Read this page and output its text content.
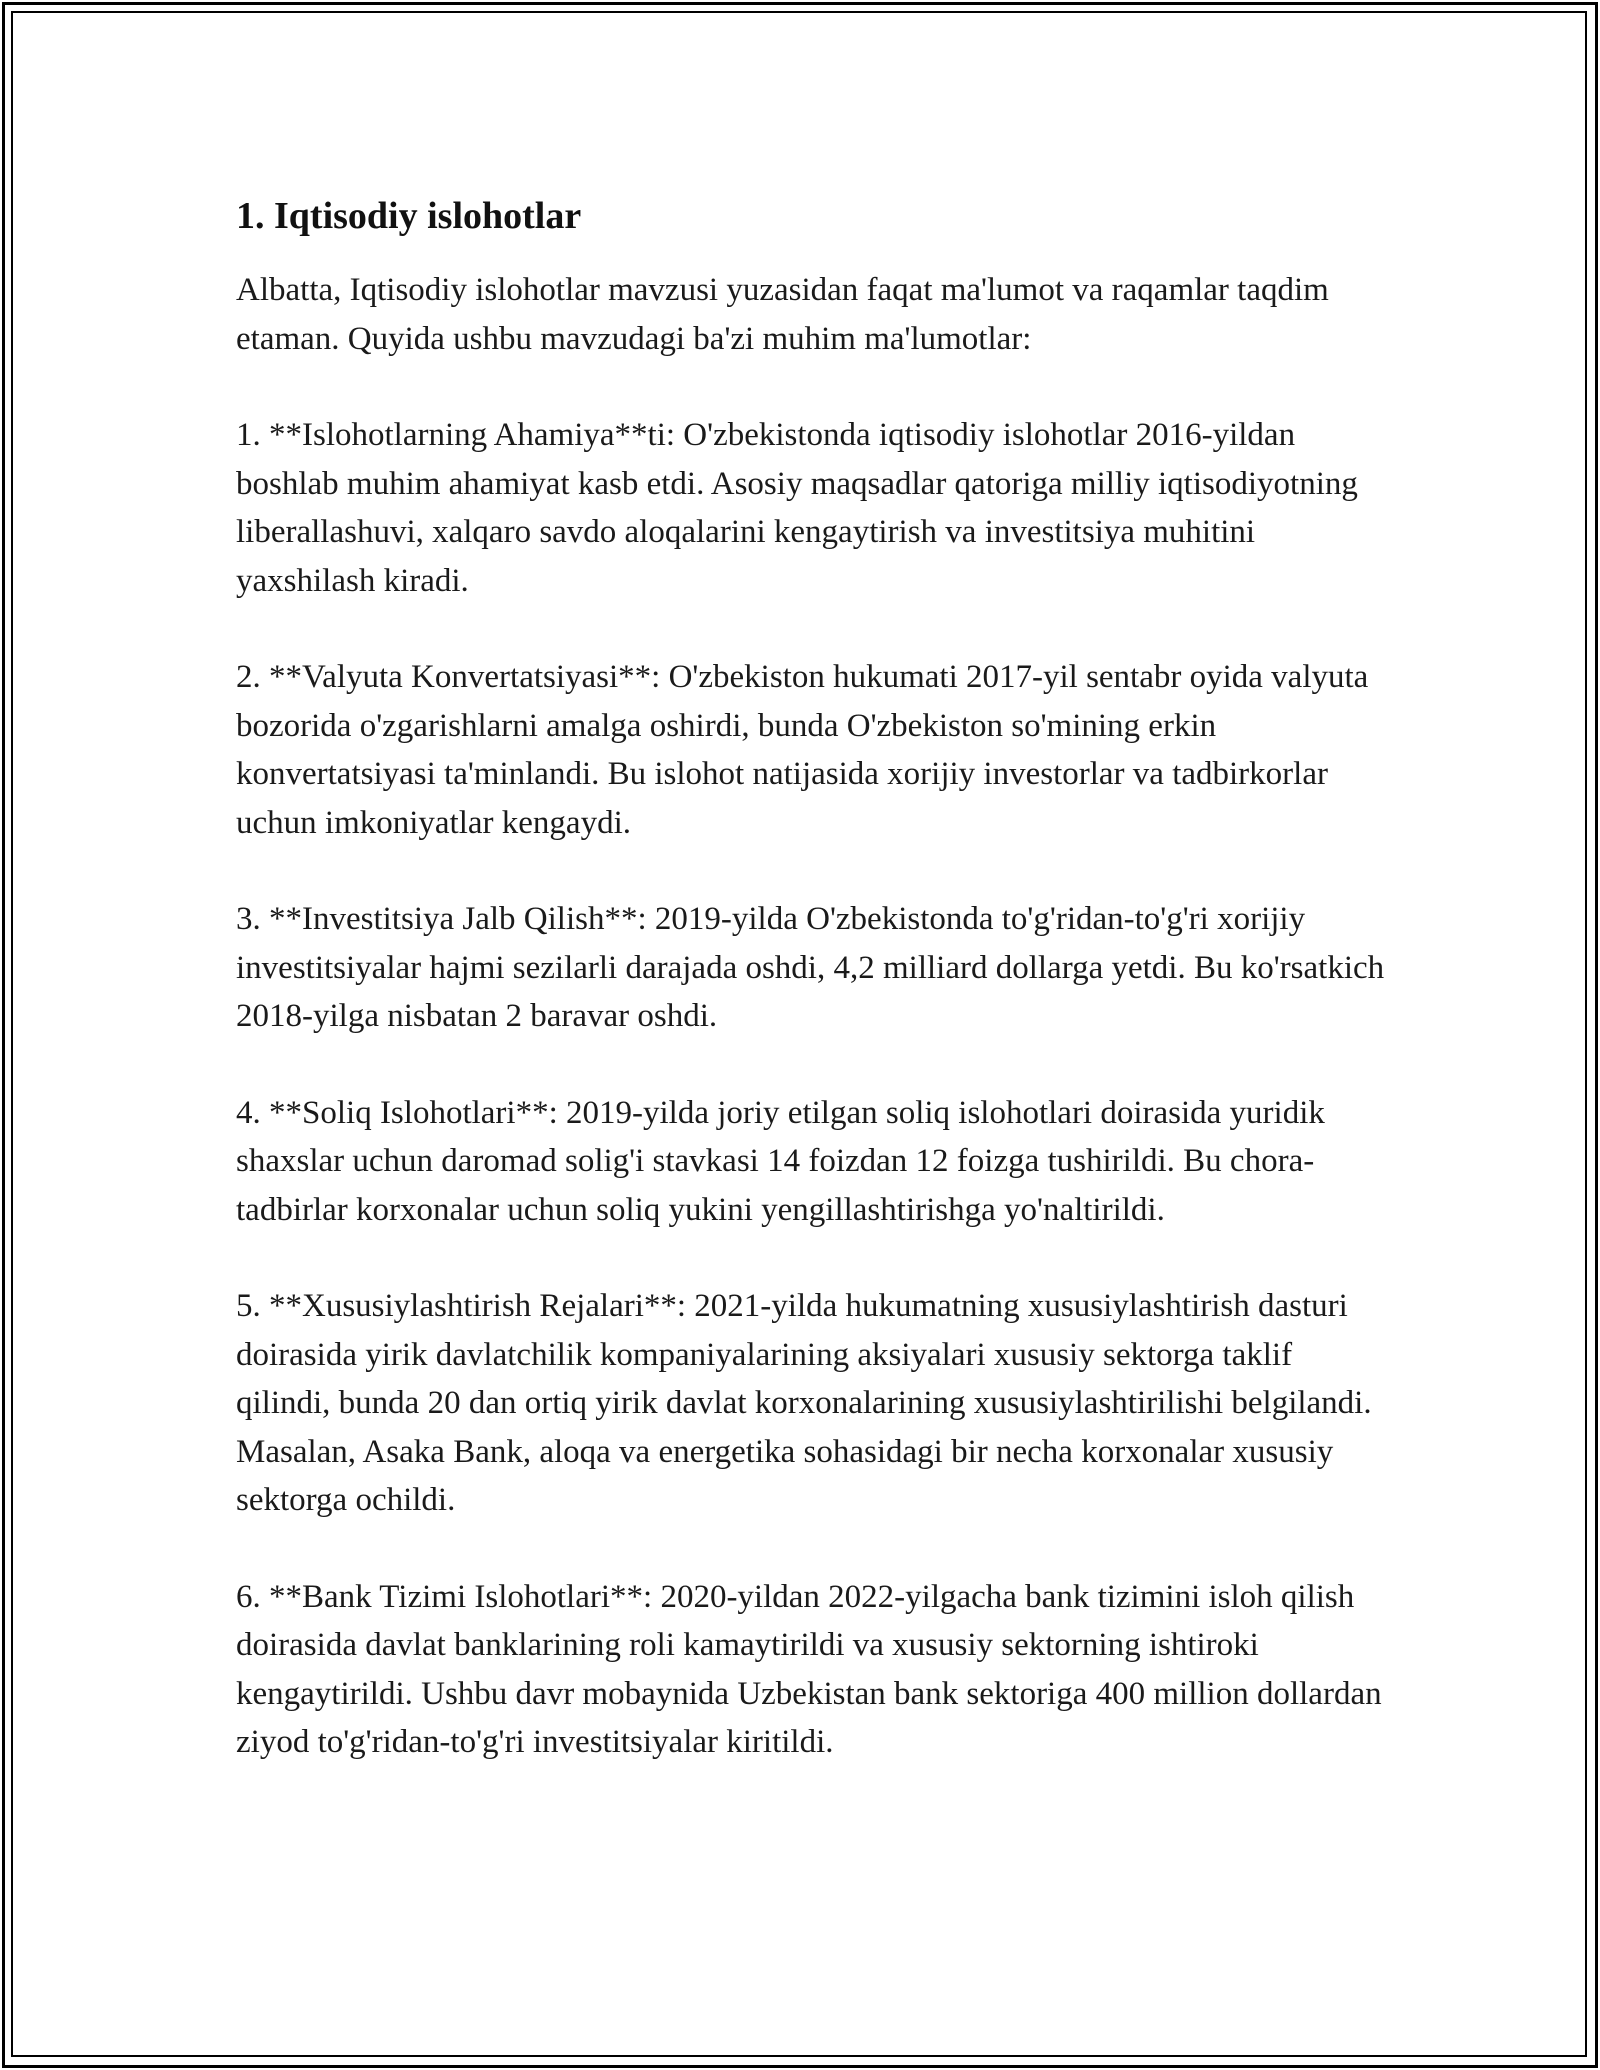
1. Iqtisodiy islohotlar

Albatta, Iqtisodiy islohotlar mavzusi yuzasidan faqat ma'lumot va raqamlar taqdim etaman. Quyida ushbu mavzudagi ba'zi muhim ma'lumotlar:

1. **Islohotlarning Ahamiya**ti: O'zbekistonda iqtisodiy islohotlar 2016-yildan boshlab muhim ahamiyat kasb etdi. Asosiy maqsadlar qatoriga milliy iqtisodiyotning liberallashuvi, xalqaro savdo aloqalarini kengaytirish va investitsiya muhitini yaxshilash kiradi.

2. **Valyuta Konvertatsiyasi**: O'zbekiston hukumati 2017-yil sentabr oyida valyuta bozorida o'zgarishlarni amalga oshirdi, bunda O'zbekiston so'mining erkin konvertatsiyasi ta'minlandi. Bu islohot natijasida xorijiy investorlar va tadbirkorlar uchun imkoniyatlar kengaydi.

3. **Investitsiya Jalb Qilish**: 2019-yilda O'zbekistonda to'g'ridan-to'g'ri xorijiy investitsiyalar hajmi sezilarli darajada oshdi, 4,2 milliard dollarga yetdi. Bu ko'rsatkich 2018-yilga nisbatan 2 baravar oshdi.

4. **Soliq Islohotlari**: 2019-yilda joriy etilgan soliq islohotlari doirasida yuridik shaxslar uchun daromad solig'i stavkasi 14 foizdan 12 foizga tushirildi. Bu chora-tadbirlar korxonalar uchun soliq yukini yengillashtirishga yo'naltirildi.

5. **Xususiylashtirish Rejalari**: 2021-yilda hukumatning xususiylashtirish dasturi doirasida yirik davlatchilik kompaniyalarining aksiyalari xususiy sektorga taklif qilindi, bunda 20 dan ortiq yirik davlat korxonalarining xususiylashtirilishi belgilandi. Masalan, Asaka Bank, aloqa va energetika sohasidagi bir necha korxonalar xususiy sektorga ochildi.

6. **Bank Tizimi Islohotlari**: 2020-yildan 2022-yilgacha bank tizimini isloh qilish doirasida davlat banklarining roli kamaytirildi va xususiy sektorning ishtiroki kengaytirildi. Ushbu davr mobaynida Uzbekistan bank sektoriga 400 million dollardan ziyod to'g'ridan-to'g'ri investitsiyalar kiritildi.
